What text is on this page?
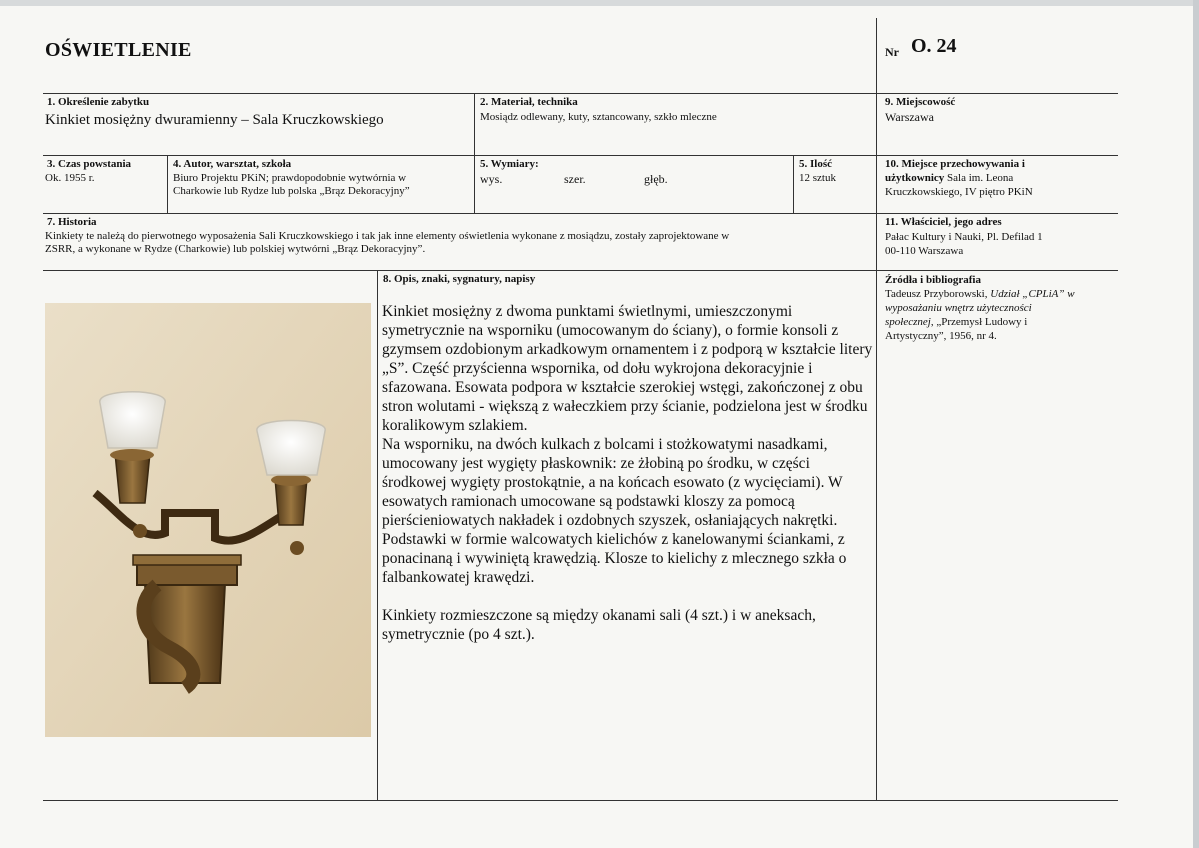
OŚWIETLENIE	Nr O. 24
1. Określenie zabytku
Kinkiet mosiężny dwuramienny – Sala Kruczkowskiego
2. Materiał, technika
Mosiądz odlewany, kuty, sztancowany, szkło mleczne
9. Miejscowość
Warszawa
3. Czas powstania
Ok. 1955 r.
4. Autor, warsztat, szkoła
Biuro Projektu PKiN; prawdopodobnie wytwórnia w
Charkowie lub Rydze lub polska „Brąz Dekoracyjny”
5. Wymiary:
wys.	szer.	głęb.
5. Ilość
12 sztuk
10. Miejsce przechowywania i
użytkownicy Sala im. Leona
Kruczkowskiego, IV piętro PKiN
7. Historia
Kinkiety te należą do pierwotnego wyposażenia Sali Kruczkowskiego i tak jak inne elementy oświetlenia wykonane z mosiądzu, zostały zaprojektowane w
ZSRR, a wykonane w Rydze (Charkowie) lub polskiej wytwórni „Brąz Dekoracyjny”.
11. Właściciel, jego adres
Pałac Kultury i Nauki, Pl. Defilad 1
00-110 Warszawa
8. Opis, znaki, sygnatury, napisy	Źródła i bibliografia
Tadeusz Przyborowski, Udział „CPLiA” w
wyposażaniu wnętrz użyteczności
społecznej, „Przemysł Ludowy i
Artystyczny”, 1956, nr 4.

Kinkiet mosiężny z dwoma punktami świetlnymi, umieszczonymi symetrycznie na wsporniku (umocowanym do ściany), o formie konsoli z gzymsem ozdobionym arkadkowym ornamentem i z podporą w kształcie litery „S”. Część przyścienna wspornika, od dołu wykrojona dekoracyjnie i sfazowana. Esowata podpora w kształcie szerokiej wstęgi, zakończonej z obu stron wolutami - większą z wałeczkiem przy ścianie, podzielona jest w środku koralikowym szlakiem.
Na wsporniku, na dwóch kulkach z bolcami i stożkowatymi nasadkami, umocowany jest wygięty płaskownik: ze żłobiną po środku, w części środkowej wygięty prostokątnie, a na końcach esowato (z wycięciami). W esowatych ramionach umocowane są podstawki kloszy za pomocą pierścieniowatych nakładek i ozdobnych szyszek, osłaniających nakrętki. Podstawki w formie walcowatych kielichów z kanelowanymi ściankami, z ponacinaną i wywiniętą krawędzią. Klosze to kielichy z mlecznego szkła o falbankowatej krawędzi.

Kinkiety rozmieszczone są między okanami sali (4 szt.) i w aneksach, symetrycznie (po 4 szt.).
